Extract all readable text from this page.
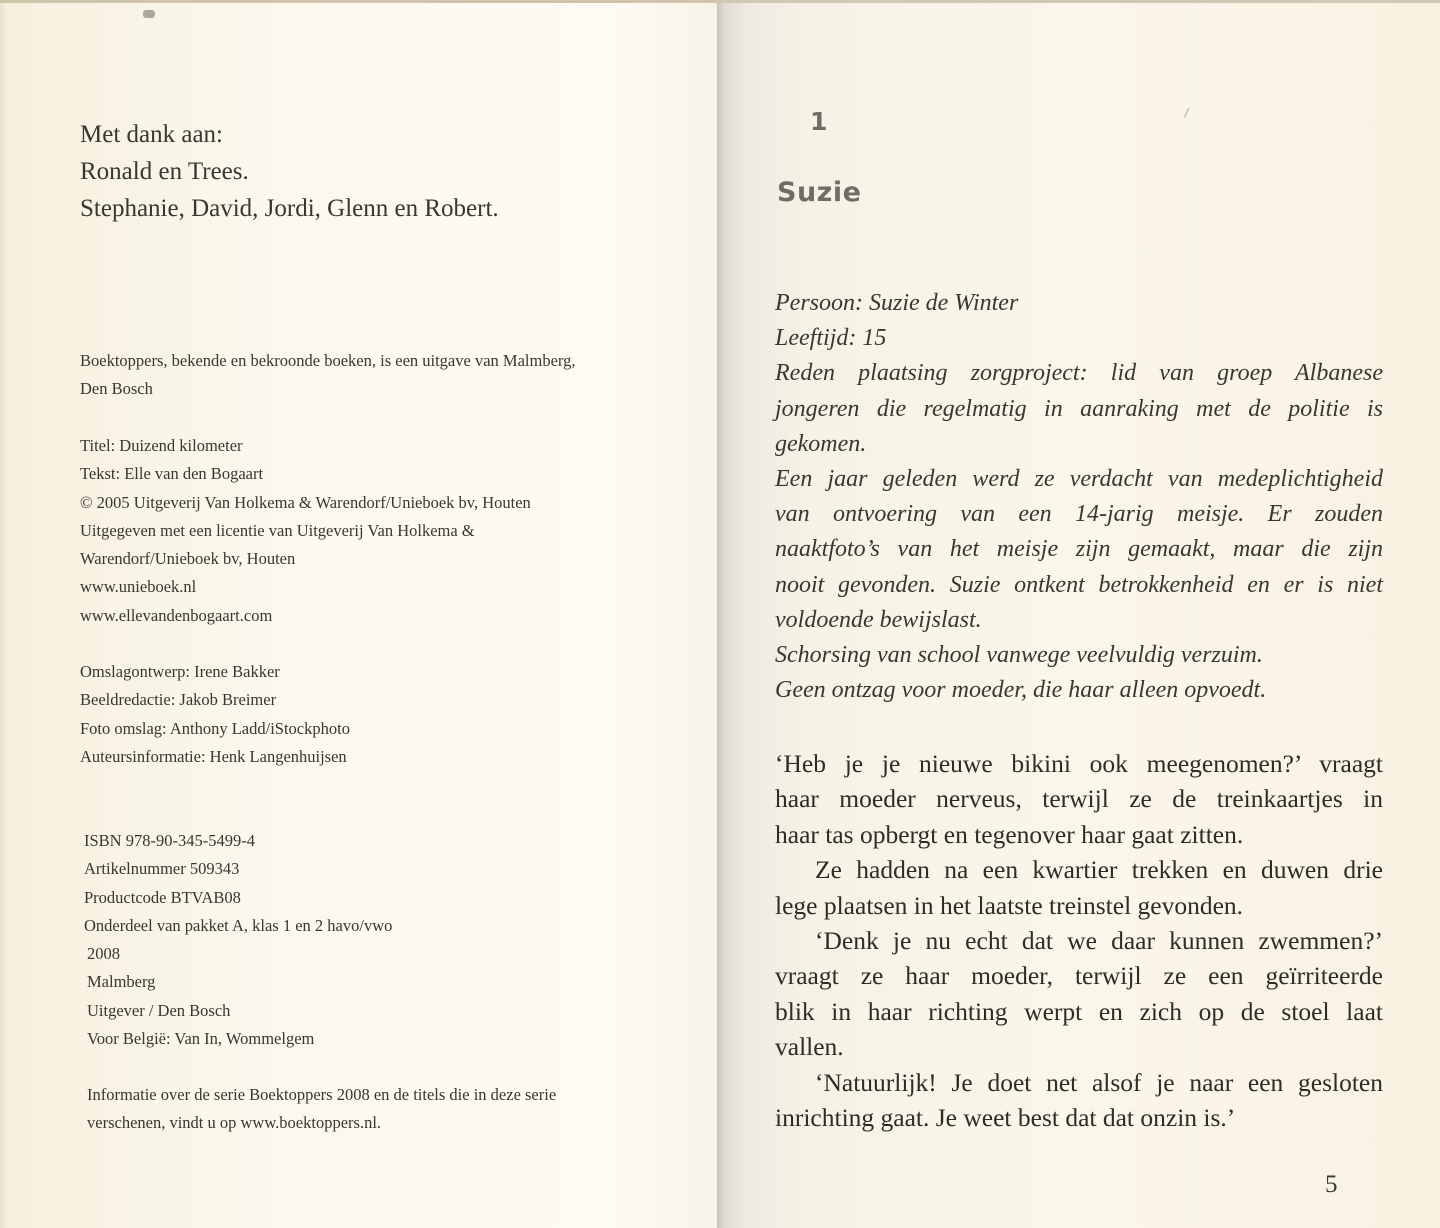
Met dank aan:
Ronald en Trees.
Stephanie, David, Jordi, Glenn en Robert.
Boektoppers, bekende en bekroonde boeken, is een uitgave van Malmberg,
Den Bosch
Titel: Duizend kilometer
Tekst: Elle van den Bogaart
© 2005 Uitgeverij Van Holkema & Warendorf/Unieboek bv, Houten
Uitgegeven met een licentie van Uitgeverij Van Holkema &
Warendorf/Unieboek bv, Houten
www.unieboek.nl
www.ellevandenbogaart.com
Omslagontwerp: Irene Bakker
Beeldredactie: Jakob Breimer
Foto omslag: Anthony Ladd/iStockphoto
Auteursinformatie: Henk Langenhuijsen
ISBN 978-90-345-5499-4
Artikelnummer 509343
Productcode BTVAB08
Onderdeel van pakket A, klas 1 en 2 havo/vwo
2008
Malmberg
Uitgever / Den Bosch
Voor België: Van In, Wommelgem
Informatie over de serie Boektoppers 2008 en de titels die in deze serie
verschenen, vindt u op www.boektoppers.nl.
1
Suzie
Persoon: Suzie de Winter
Leeftijd: 15
Reden plaatsing zorgproject: lid van groep Albanese
jongeren die regelmatig in aanraking met de politie is
gekomen.
Een jaar geleden werd ze verdacht van medeplichtigheid
van ontvoering van een 14-jarig meisje. Er zouden
naaktfoto’s van het meisje zijn gemaakt, maar die zijn
nooit gevonden. Suzie ontkent betrokkenheid en er is niet
voldoende bewijslast.
Schorsing van school vanwege veelvuldig verzuim.
Geen ontzag voor moeder, die haar alleen opvoedt.
‘Heb je je nieuwe bikini ook meegenomen?’ vraagt
haar moeder nerveus, terwijl ze de treinkaartjes in
haar tas opbergt en tegenover haar gaat zitten.
Ze hadden na een kwartier trekken en duwen drie
lege plaatsen in het laatste treinstel gevonden.
‘Denk je nu echt dat we daar kunnen zwemmen?’
vraagt ze haar moeder, terwijl ze een geïrriteerde
blik in haar richting werpt en zich op de stoel laat
vallen.
‘Natuurlijk! Je doet net alsof je naar een gesloten
inrichting gaat. Je weet best dat dat onzin is.’
5
